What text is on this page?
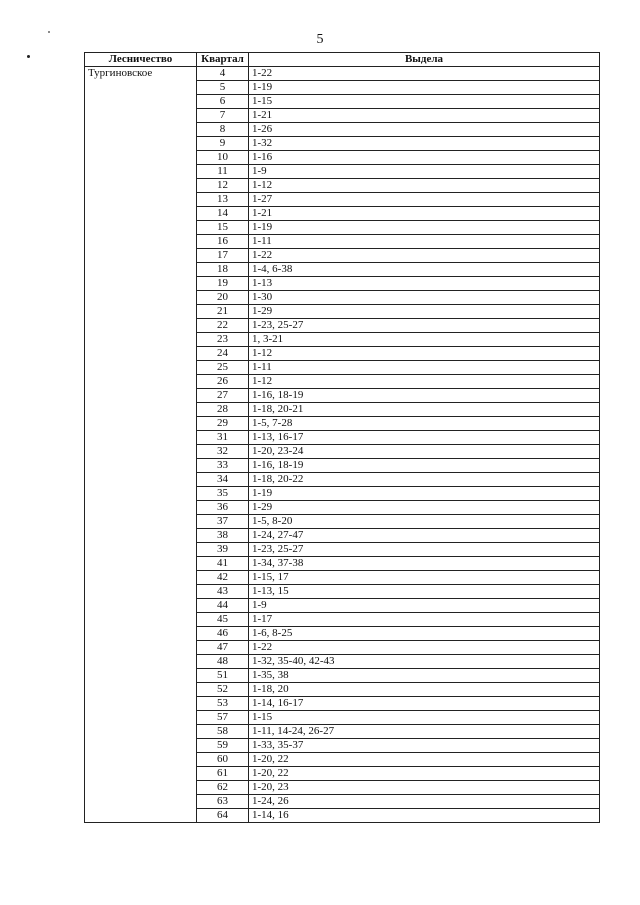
5
Лесничество	Квартал	Выдела
Тургиновское	4	1-22
	5	1-19
	6	1-15
	7	1-21
	8	1-26
	9	1-32
	10	1-16
	11	1-9
	12	1-12
	13	1-27
	14	1-21
	15	1-19
	16	1-11
	17	1-22
	18	1-4, 6-38
	19	1-13
	20	1-30
	21	1-29
	22	1-23, 25-27
	23	1, 3-21
	24	1-12
	25	1-11
	26	1-12
	27	1-16, 18-19
	28	1-18, 20-21
	29	1-5, 7-28
	31	1-13, 16-17
	32	1-20, 23-24
	33	1-16, 18-19
	34	1-18, 20-22
	35	1-19
	36	1-29
	37	1-5, 8-20
	38	1-24, 27-47
	39	1-23, 25-27
	41	1-34, 37-38
	42	1-15, 17
	43	1-13, 15
	44	1-9
	45	1-17
	46	1-6, 8-25
	47	1-22
	48	1-32, 35-40, 42-43
	51	1-35, 38
	52	1-18, 20
	53	1-14, 16-17
	57	1-15
	58	1-11, 14-24, 26-27
	59	1-33, 35-37
	60	1-20, 22
	61	1-20, 22
	62	1-20, 23
	63	1-24, 26
	64	1-14, 16
